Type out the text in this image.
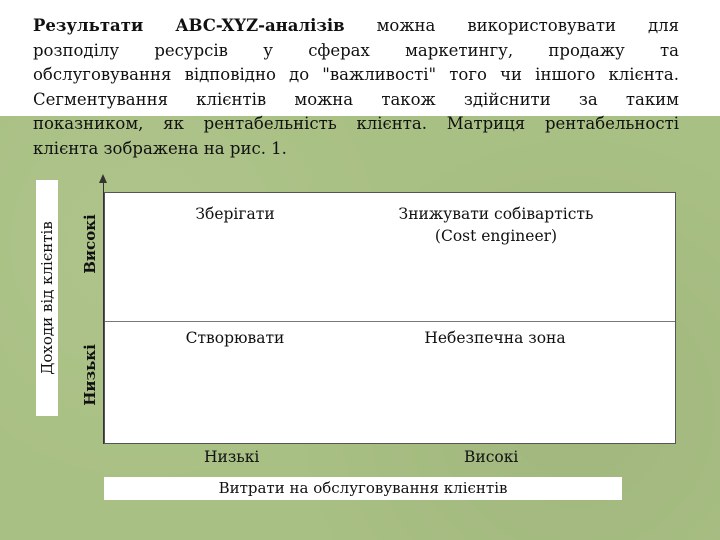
Результати ABC-XYZ-аналізів можна використовувати для

розподілу ресурсів у сферах маркетингу, продажу та

обслуговування відповідно до "важливості" того чи іншого клієнта.

Сегментування клієнтів можна також здійснити за таким

показником, як рентабельність клієнта. Матриця рентабельності

клієнта зображена на рис. 1.

Доходи від клієнтів Високі
Низькі
Зберігати	Знижувати собівартість
(Cost engineer)
Створювати	Небезпечна зона
Низькі	Високі
Витрати на обслуговування клієнтів
